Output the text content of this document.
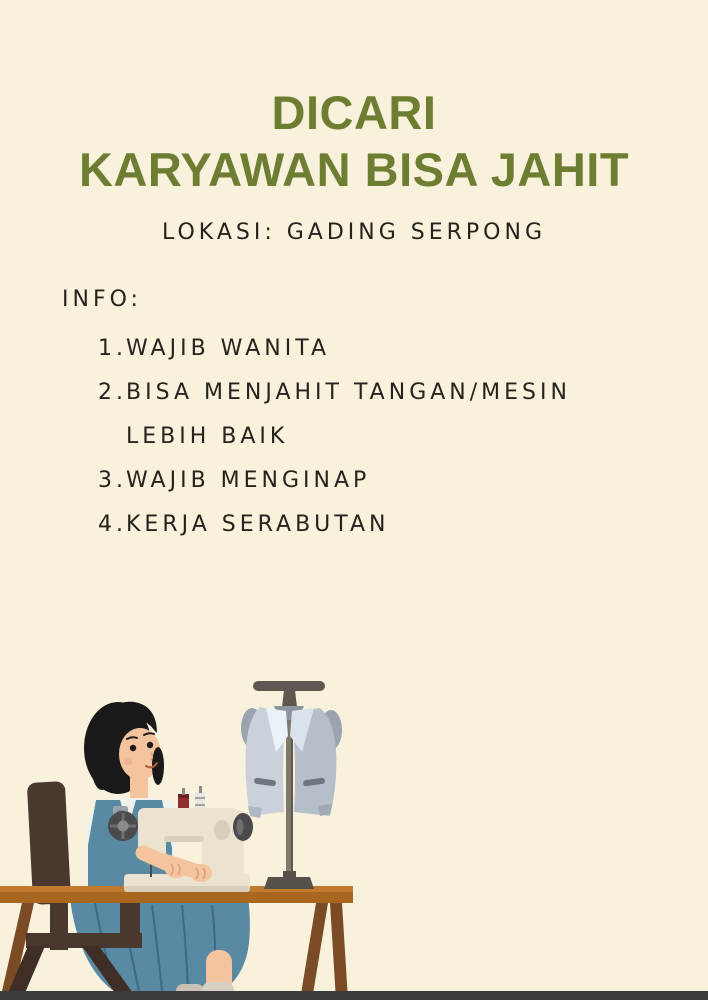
DICARI
KARYAWAN BISA JAHIT

LOKASI: GADING SERPONG

INFO:
1. WAJIB WANITA
2. BISA MENJAHIT TANGAN/MESIN
LEBIH BAIK
3. WAJIB MENGINAP
4. KERJA SERABUTAN
